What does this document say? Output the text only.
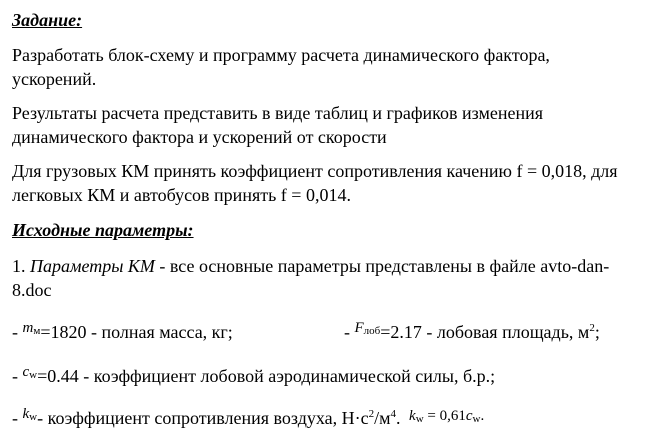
Задание:
Разработать блок-схему и программу расчета динамического фактора,
ускорений.
Результаты расчета представить в виде таблиц и графиков изменения
динамического фактора и ускорений от скорости
Для грузовых КМ принять коэффициент сопротивления качению f = 0,018, для
легковых КМ и автобусов принять f = 0,014.
Исходные параметры:
1. Параметры КМ - все основные параметры представлены в файле avto-dan-
8.doc
- $^{mм}$=1820 - полная масса, кг;	- $^{Fлоб}$=2.17 - лобовая площадь, $м^2$;
- $^{cw}$=0.44 - коэффициент лобовой аэродинамической силы, б.р.;
- $^{kw}$- коэффициент сопротивления воздуха, $Н\cdot с^2/м^4$. $^{kw = 0,61cw.}$
